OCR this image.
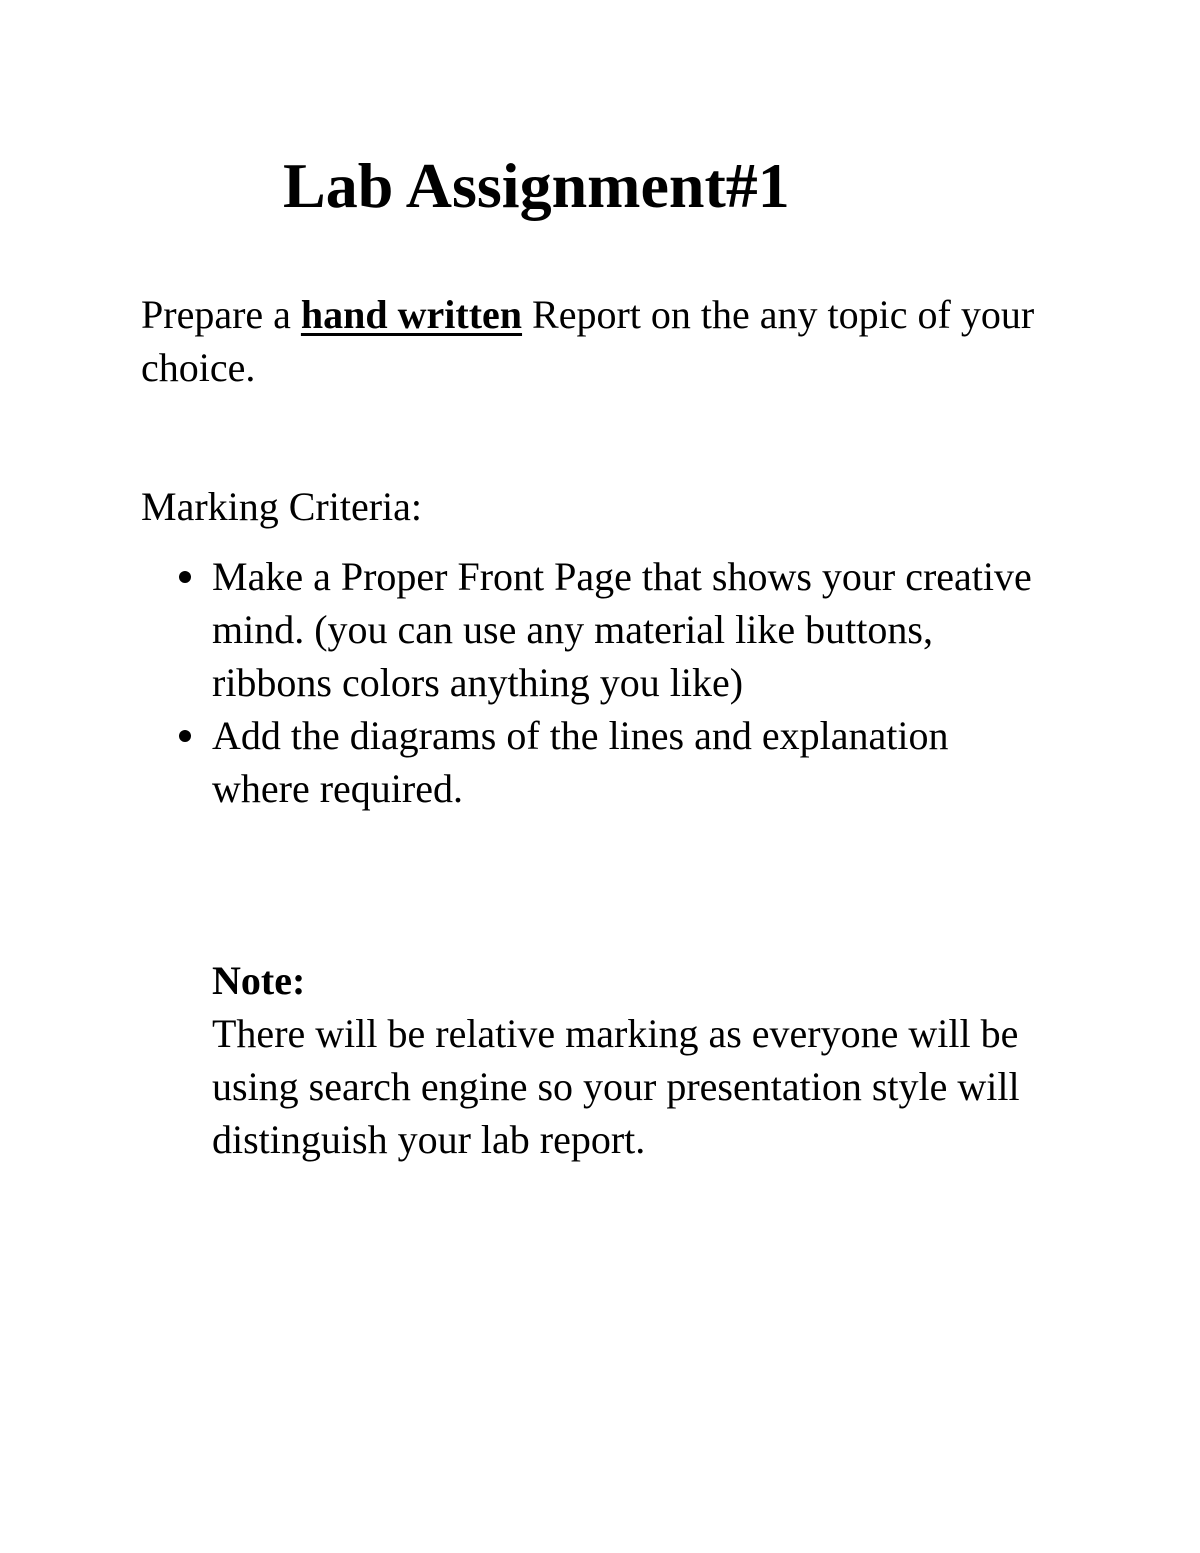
Lab Assignment#1

Prepare a hand written Report on the any topic of your choice.

Marking Criteria:

Make a Proper Front Page that shows your creative mind. (you can use any material like buttons, ribbons colors anything you like)
Add the diagrams of the lines and explanation where required.

Note:

There will be relative marking as everyone will be using search engine so your presentation style will distinguish your lab report.
